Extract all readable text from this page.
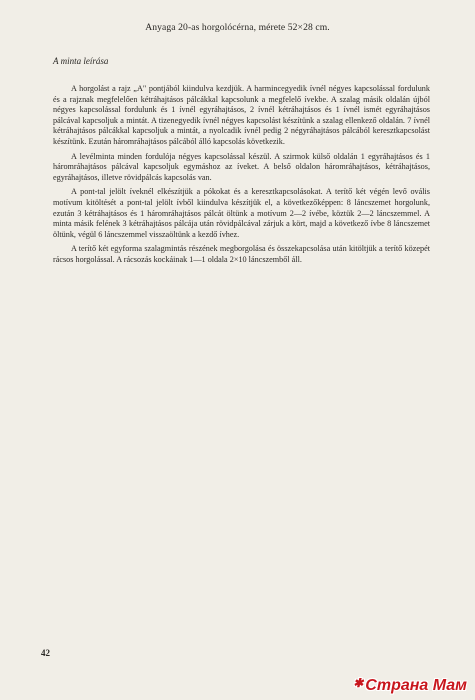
Anyaga 20-as horgolócérna, mérete 52×28 cm.
A minta leírása

A horgolást a rajz „A" pontjából kiindulva kezdjük. A harmincegyedik ívnél négyes kapcsolással fordulunk és a rajznak megfelelően kétráhajtásos pálcákkal kapcsolunk a megfelelő ívekbe. A szalag másik oldalán újból négyes kapcsolással fordulunk és 1 ívnél egyráhajtásos, 2 ívnél kétráhajtásos és 1 ívnél ismét egyráhajtásos pálcával kapcsoljuk a mintát. A tizenegyedik ívnél négyes kapcsolást készítünk a szalag ellenkező oldalán. 7 ívnél kétráhajtásos pálcákkal kapcsoljuk a mintát, a nyolcadik ívnél pedig 2 négyráhajtásos pálcából keresztkapcsolást készítünk. Ezután háromráhajtásos pálcából álló kapcsolás következik.

A levélminta minden fordulója négyes kapcsolással készül. A szirmok külső oldalán 1 egyráhajtásos és 1 háromráhajtásos pálcával kapcsoljuk egymáshoz az íveket. A belső oldalon háromráhajtásos, kétráhajtásos, egyráhajtásos, illetve rövidpálcás kapcsolás van.

A pont-tal jelölt íveknél elkészítjük a pókokat és a keresztkapcsolásokat. A terítő két végén levő ovális motívum kitöltését a pont-tal jelölt ívből kiindulva készítjük el, a következőképpen: 8 láncszemet horgolunk, ezután 3 kétráhajtásos és 1 háromráhajtásos pálcát öltünk a motívum 2—2 ívébe, köztük 2—2 láncszemmel. A minta másik felének 3 kétráhajtásos pálcája után rövidpálcával zárjuk a kört, majd a következő ívbe 8 láncszemet öltünk, végül 6 láncszemmel visszaöltünk a kezdő ívhez.

A terítő két egyforma szalagmintás részének megborgolása és összekapcsolása után kitöltjük a terítő közepét rácsos horgolással. A rácsozás kockáinak 1—1 oldala 2×10 láncszemből áll.

42
✱ Страна Мам
